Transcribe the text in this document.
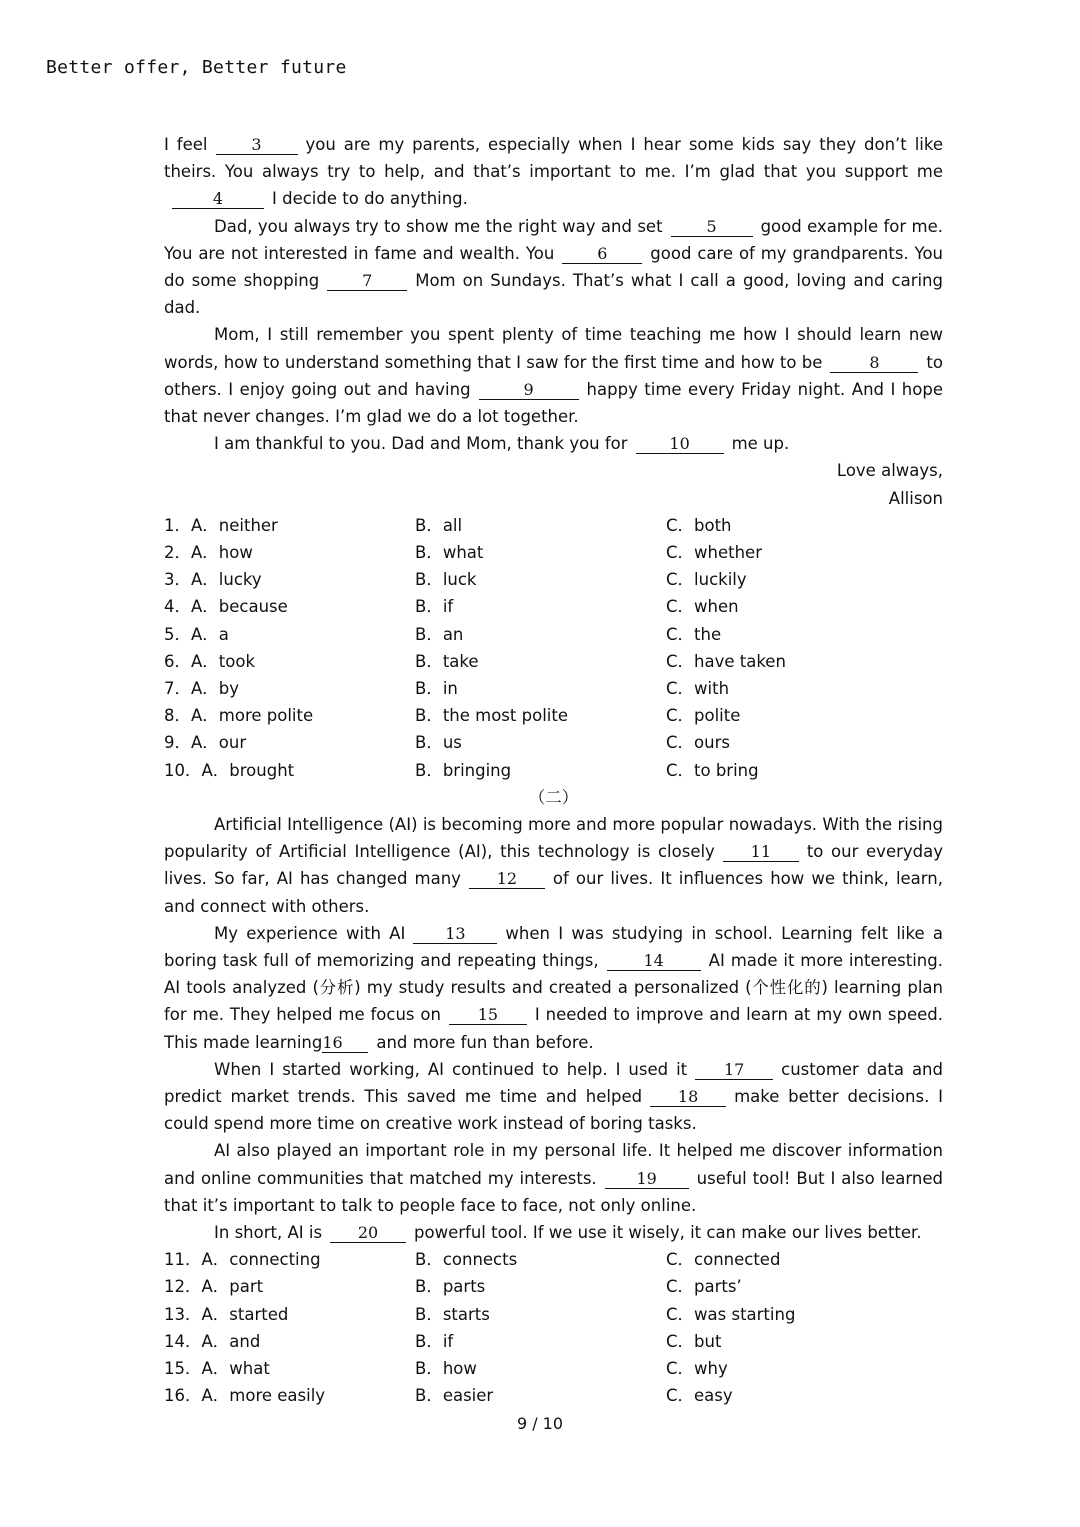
Better offer, Better future

I feel	3	you are my parents, especially when I hear some kids say they don’t like theirs. You always try to help, and that’s important to me. I’m glad that you support me4	I decide to do anything.

Dad, you always try to show me the right way and set	5	good example for me. You are not interested in fame and wealth. You	6	good care of my grandparents. You do some shopping	7	Mom on Sundays. That’s what I call a good, loving and caring dad.

Mom, I still remember you spent plenty of time teaching me how I should learn new words, how to understand something that I saw for the first time and how to be	8	to others. I enjoy going out and having	9	happy time every Friday night. And I hope that never changes. I’m glad we do a lot together.

I am thankful to you. Dad and Mom, thank you for	10	me up.

Love always,

Allison

1．A．neither	B．all	C．both
2．A．how	B．what	C．whether
3．A．lucky	B．luck	C．luckily
4．A．because	B．if	C．when
5．A．a	B．an	C．the
6．A．took	B．take	C．have taken
7．A．by	B．in	C．with
8．A．more polite	B．the most polite	C．polite
9．A．our	B．us	C．ours
10．A．brought	B．bringing	C．to bring

（二）

Artificial Intelligence (AI) is becoming more and more popular nowadays. With the rising popularity of Artificial Intelligence (AI), this technology is closely 11 to our everyday lives. So far, AI has changed many 12 of our lives. It influences how we think, learn, and connect with others.

My experience with AI 13 when I was studying in school. Learning felt like a boring task full of memorizing and repeating things,	14	AI made it more interesting. AI tools analyzed (分析) my study results and created a personalized (个性化的) learning plan for me. They helped me focus on 15 I needed to improve and learn at my own speed. This made learning16 and more fun than before.

When I started working, AI continued to help. I used it 17 customer data and predict market trends. This saved me time and helped 18 make better decisions. I could spend more time on creative work instead of boring tasks.

AI also played an important role in my personal life. It helped me discover information and online communities that matched my interests. 19 useful tool! But I also learned that it’s important to talk to people face to face, not only online.

In short, AI is 20 powerful tool. If we use it wisely, it can make our lives better.

11．A．connecting	B．connects	C．connected
12．A．part	B．parts	C．parts’
13．A．started	B．starts	C．was starting
14．A．and	B．if	C．but
15．A．what	B．how	C．why
16．A．more easily	B．easier	C．easy
9 / 10
